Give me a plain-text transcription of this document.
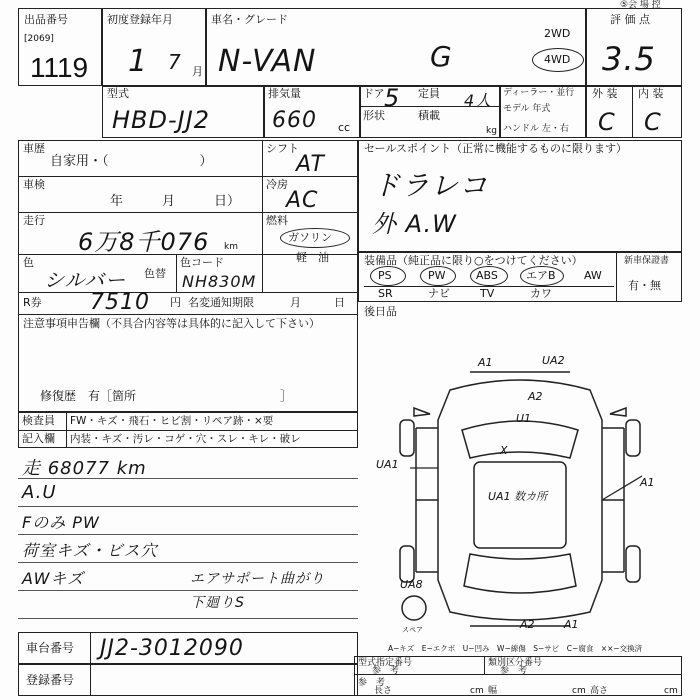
出品番号
[2069]
1119
初度登録年月
1 7 月
車名・グレード
N-VAN	G
2WD
4WD
評 価 点
3.5
⑤会 場 控
型式
HBD-JJ2
排気量
660 cc
ドア 5 定員 4人
形状	積載
kg
ディーラー・並行
モデル 年式
ハンドル 左・右
外 装 内 装
C C
車歴
自家用・（　　　　　　　）
車検
年　　　月　　　日）
走行
6万8千076 km
色
シルバー 色替
色コード
NH830M
R券 7510 円 名変通知期限	月　　　日
注意事項申告欄（不具合内容等は具体的に記入して下さい）
修復歴　有［箇所　　　　　　　　　　　　］
シフト
AT
冷房
AC
燃料
ガソリン
軽　油
セールスポイント（正常に機能するものに限ります）
ドラレコ
外 A.W
装備品（純正品に限り○をつけてください）	新車保證書
有・無
PS	PW	ABS	エアB	AW
SR	ナビ	TV	カワ
後日品
検査員
記入欄
FW・キズ・飛石・ヒビ割・リペア跡・×要
内装・キズ・汚レ・コゲ・穴・スレ・キレ・破レ
走 68077 km
A.U
Fのみ PW
荷室キズ・ビス穴
AWキズ	エアサポート曲がり
下廻りS
A1	UA2
A2
U1
X
UA1
UA1 数カ所
A1
UA8
A2	A1
スペア
A−キズ　E−エクボ　U−凹み　W−線傷　S−サビ　C−腐食　××−交換済
車台番号 JJ2-3012090
登録番号
型式指定番号
参　考
類別区分番号
参　考
参　考
長さ	cm 幅	cm 高さ	cm
